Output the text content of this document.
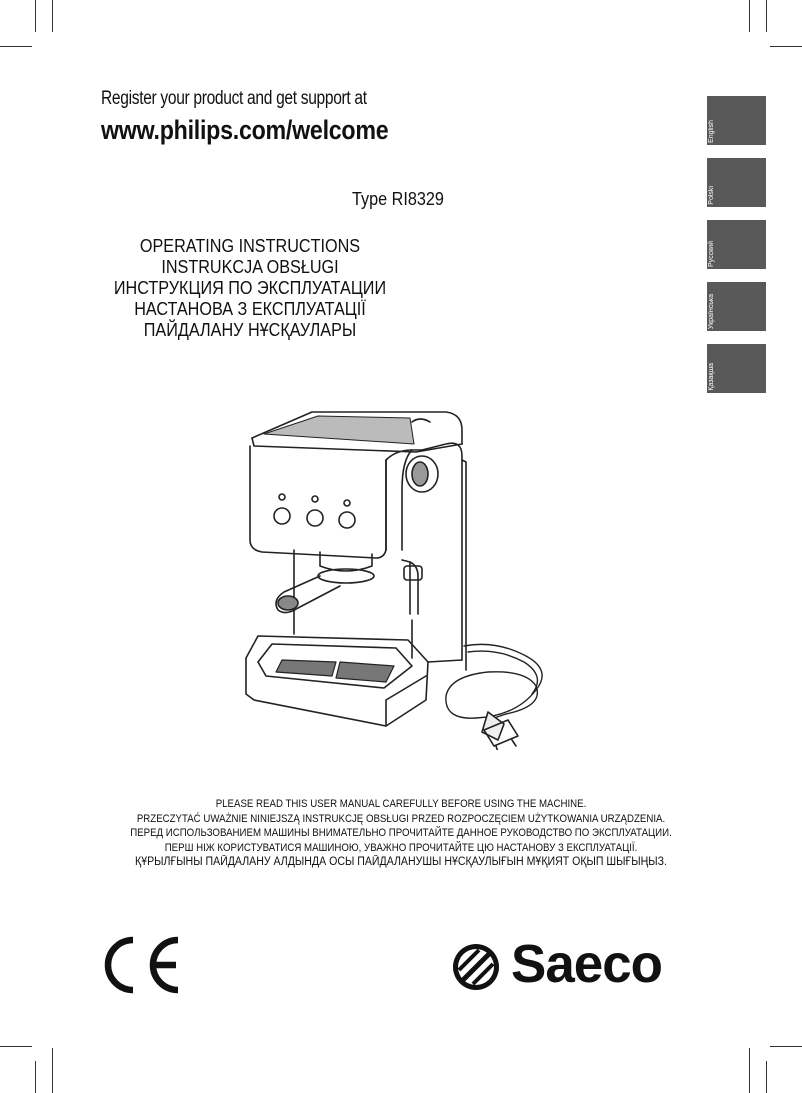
Register your product and get support at
www.philips.com/welcome
Type RI8329
OPERATING INSTRUCTIONS
INSTRUKCJA OBSŁUGI
ИНСТРУКЦИЯ ПО ЭКСПЛУАТАЦИИ
НАСТАНОВА З ЕКСПЛУАТАЦІЇ
ПАЙДАЛАНУ НҰСҚАУЛАРЫ
English
Polski
Русский
Українська
Қазақша
PLEASE READ THIS USER MANUAL CAREFULLY BEFORE USING THE MACHINE.
PRZECZYTAĆ UWAŻNIE NINIEJSZĄ INSTRUKCJĘ OBSŁUGI PRZED ROZPOCZĘCIEM UŻYTKOWANIA URZĄDZENIA.
ПЕРЕД ИСПОЛЬЗОВАНИЕМ МАШИНЫ ВНИМАТЕЛЬНО ПРОЧИТАЙТЕ ДАННОЕ РУКОВОДСТВО ПО ЭКСПЛУАТАЦИИ.
ПЕРШ НІЖ КОРИСТУВАТИСЯ МАШИНОЮ, УВАЖНО ПРОЧИТАЙТЕ ЦЮ НАСТАНОВУ З ЕКСПЛУАТАЦІЇ.
ҚҰРЫЛҒЫНЫ ПАЙДАЛАНУ АЛДЫНДА ОСЫ ПАЙДАЛАНУШЫ НҰСҚАУЛЫҒЫН МҰҚИЯТ ОҚЫП ШЫҒЫҢЫЗ.
Saeco
